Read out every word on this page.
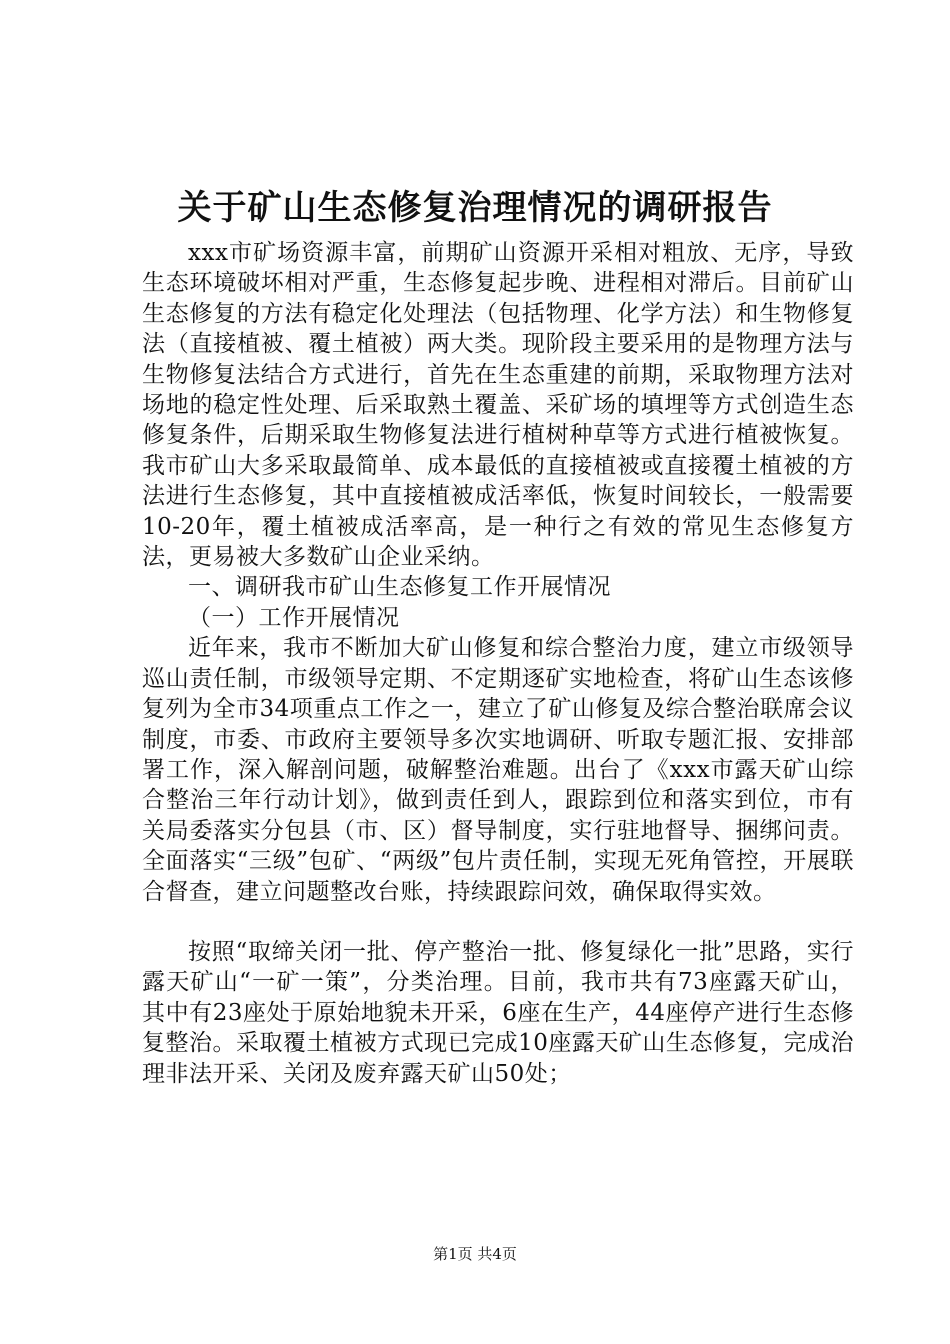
关于矿山生态修复治理情况的调研报告

xxx市矿场资源丰富，前期矿山资源开采相对粗放、无序，导致生态环境破坏相对严重，生态修复起步晚、进程相对滞后。目前矿山生态修复的方法有稳定化处理法（包括物理、化学方法）和生物修复法（直接植被、覆土植被）两大类。现阶段主要采用的是物理方法与生物修复法结合方式进行，首先在生态重建的前期，采取物理方法对场地的稳定性处理、后采取熟土覆盖、采矿场的填埋等方式创造生态修复条件，后期采取生物修复法进行植树种草等方式进行植被恢复。我市矿山大多采取最简单、成本最低的直接植被或直接覆土植被的方法进行生态修复，其中直接植被成活率低，恢复时间较长，一般需要10-20年，覆土植被成活率高，是一种行之有效的常见生态修复方法，更易被大多数矿山企业采纳。

一、调研我市矿山生态修复工作开展情况

（一）工作开展情况

近年来，我市不断加大矿山修复和综合整治力度，建立市级领导巡山责任制，市级领导定期、不定期逐矿实地检查，将矿山生态该修复列为全市34项重点工作之一，建立了矿山修复及综合整治联席会议制度，市委、市政府主要领导多次实地调研、听取专题汇报、安排部署工作，深入解剖问题，破解整治难题。出台了《xxx市露天矿山综合整治三年行动计划》，做到责任到人，跟踪到位和落实到位，市有关局委落实分包县（市、区）督导制度，实行驻地督导、捆绑问责。全面落实“三级”包矿、“两级”包片责任制，实现无死角管控，开展联合督查，建立问题整改台账，持续跟踪问效，确保取得实效。

按照“取缔关闭一批、停产整治一批、修复绿化一批”思路，实行露天矿山“一矿一策”，分类治理。目前，我市共有73座露天矿山，其中有23座处于原始地貌未开采，6座在生产，44座停产进行生态修复整治。采取覆土植被方式现已完成10座露天矿山生态修复，完成治理非法开采、关闭及废弃露天矿山50处；

第1页 共4页
